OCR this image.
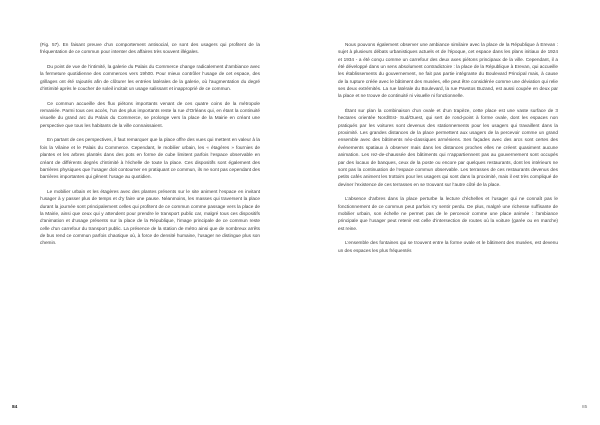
(Fig. 57). En faisant preuve d’un comportement antisocial, ce sont des usagers qui profitent de la fréquentation de ce commun pour intenter des affaires très souvent illégales.

Du point de vue de l’intimité, la galerie du Palais du Commerce change radicalement d’ambiance avec la fermeture quotidienne des commerces vers 19h00. Pour mieux contrôler l’usage de cet espace, des grillages ont été rajoutés afin de clôturer les entrées latérales de la galerie, où l’augmentation du degré d’intimité après le coucher de soleil incitait un usage salissant et inapproprié de ce commun.

Ce commun accueille des flux piétons importants venant de ces quatre coins de la métropole remaniée. Parmi tous ces accès, l’un des plus importants reste la rue d’Orléans qui, en étant la continuité visuelle du grand arc du Palais du Commerce, se prolonge vers la place de la Mairie en créant une perspective que tous les habitants de la ville connaissaient.

En partant de ces perspectives, il faut remarquer que la place offre des vues qui mettent en valeur à la fois la Vilaine et le Palais du Commerce. Cependant, le mobilier urbain, les « étagères » fournies de plantes et les arbres plantés dans des pots en forme de cube limitent parfois l’espace observable en créant de différents degrés d’intimité à l’échelle de toute la place. Ces dispositifs sont également des barrières physiques que l’usager doit contourner en pratiquant ce commun, ils ne sont pas cependant des barrières importantes qui gênent l’usage au quotidien.

Le mobilier urbain et les étagères avec des plantes présents sur le site animent l’espace en invitant l’usager à y passer plus de temps et d’y faire une pause. Néanmoins, les masses qui traversent la place durant la journée sont principalement celles qui profitent de ce commun comme passage vers la place de la Mairie, ainsi que ceux qui y attendent pour prendre le transport public car, malgré tous ces dispositifs d’animation et d’usage présents sur la place de la République, l’image principale de ce commun reste celle d’un carrefour du transport public. La présence de la station de métro ainsi que de nombreux arrêts de bus rend ce commun parfois chaotique où, à force de densité humaine, l’usager ne distingue plus son chemin.

Nous pouvons également observer une ambiance similaire avec la place de la République à Erevan : sujet à plusieurs débats urbanistiques actuels et de l’époque, cet espace dans les plans initiaux de 1924 et 1934 - a été conçu comme un carrefour des deux axes piétons principaux de la ville. Cependant, il a été développé dans un sens absolument contradictoire : la place de la République à Erevan, qui accueille les établissements du gouvernement, ne fait pas partie intégrante du Boulevard Principal mais, à cause de la rupture créée avec le bâtiment des musées, elle peut être considérée comme une déviation qui relie ses deux extrémités. La rue latérale du Boulevard, la rue Pavstos Buzand, est aussi coupée en deux par la place et ne trouve de continuité ni visuelle ni fonctionnelle.

Étant sur plan la combinaison d’un ovale et d’un trapèze, cette place est une vaste surface de 3 hectares orientée Nord/Est- Sud/Ouest, qui sert de rond-point à forme ovale, dont les espaces non pratiqués par les voitures sont devenus des stationnements pour les usagers qui travaillent dans la proximité. Les grandes distances de la place permettent aux usagers de la percevoir comme un grand ensemble avec des bâtiments néo-classiques arméniens. Ses façades avec des arcs sont certes des événements spatiaux à observer mais dans les distances proches elles ne créent quasiment aucune animation. Les rez-de-chaussée des bâtiments qui n’appartiennent pas au gouvernement sont occupés par des locaux de banques, ceux de la poste ou encore par quelques restaurants, dont les intérieurs ne sont pas la continuation de l’espace commun observable. Les terrasses de ces restaurants devenus des petits cafés animent les trottoirs pour les usagers qui sont dans la proximité, mais il est très compliqué de deviner l’existence de ces terrasses en se trouvant sur l’autre côté de la place.

L’absence d’arbres dans la place perturbe la lecture d’échelles et l’usager qui ne connaît pas le fonctionnement de ce commun peut parfois s’y sentir perdu. De plus, malgré une richesse suffisante de mobilier urbain, son échelle ne permet pas de le percevoir comme une place animée : l’ambiance principale que l’usager peut retenir est celle d’intersection de routes où la voiture (garée ou en marche) est reine.

L’ensemble des fontaines qui se trouvent entre la forme ovale et le bâtiment des musées, est devenu un des espaces les plus fréquentés

84	85
